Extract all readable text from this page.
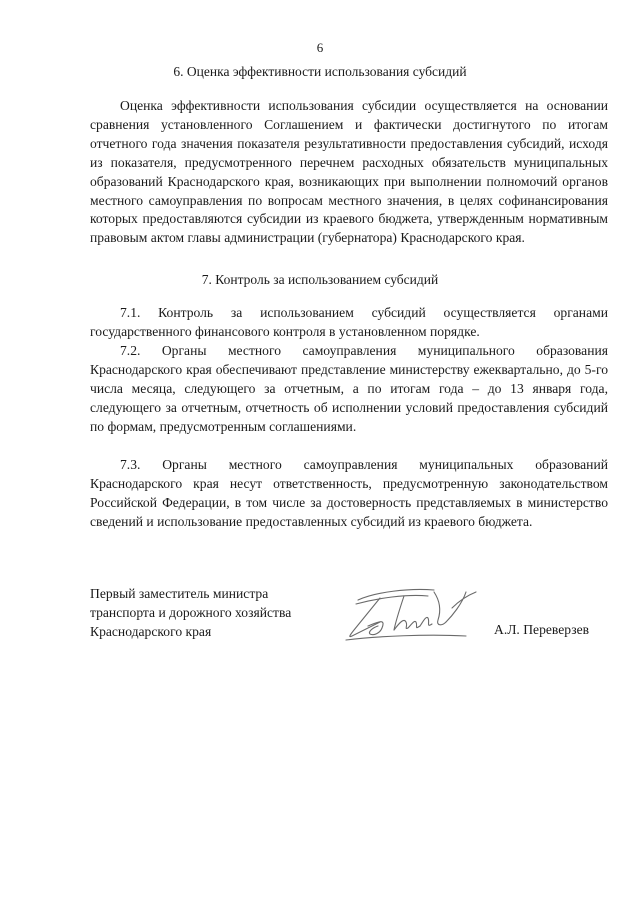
6
6. Оценка эффективности использования субсидий
Оценка эффективности использования субсидии осуществляется на основании сравнения установленного Соглашением и фактически достигнутого по итогам отчетного года значения показателя результативности предоставления субсидий, исходя из показателя, предусмотренного перечнем расходных обязательств муниципальных образований Краснодарского края, возникающих при выполнении полномочий органов местного самоуправления по вопросам местного значения, в целях софинансирования которых предоставляются субсидии из краевого бюджета, утвержденным нормативным правовым актом главы администрации (губернатора) Краснодарского края.
7. Контроль за использованием субсидий
7.1. Контроль за использованием субсидий осуществляется органами государственного финансового контроля в установленном порядке.
7.2. Органы местного самоуправления муниципального образования Краснодарского края обеспечивают представление министерству ежеквартально, до 5-го числа месяца, следующего за отчетным, а по итогам года – до 13 января года, следующего за отчетным, отчетность об исполнении условий предоставления субсидий по формам, предусмотренным соглашениями.
7.3. Органы местного самоуправления муниципальных образований Краснодарского края несут ответственность, предусмотренную законодательством Российской Федерации, в том числе за достоверность представляемых в министерство сведений и использование предоставленных субсидий из краевого бюджета.
Первый заместитель министра
транспорта и дорожного хозяйства
Краснодарского края	А.Л. Переверзев
